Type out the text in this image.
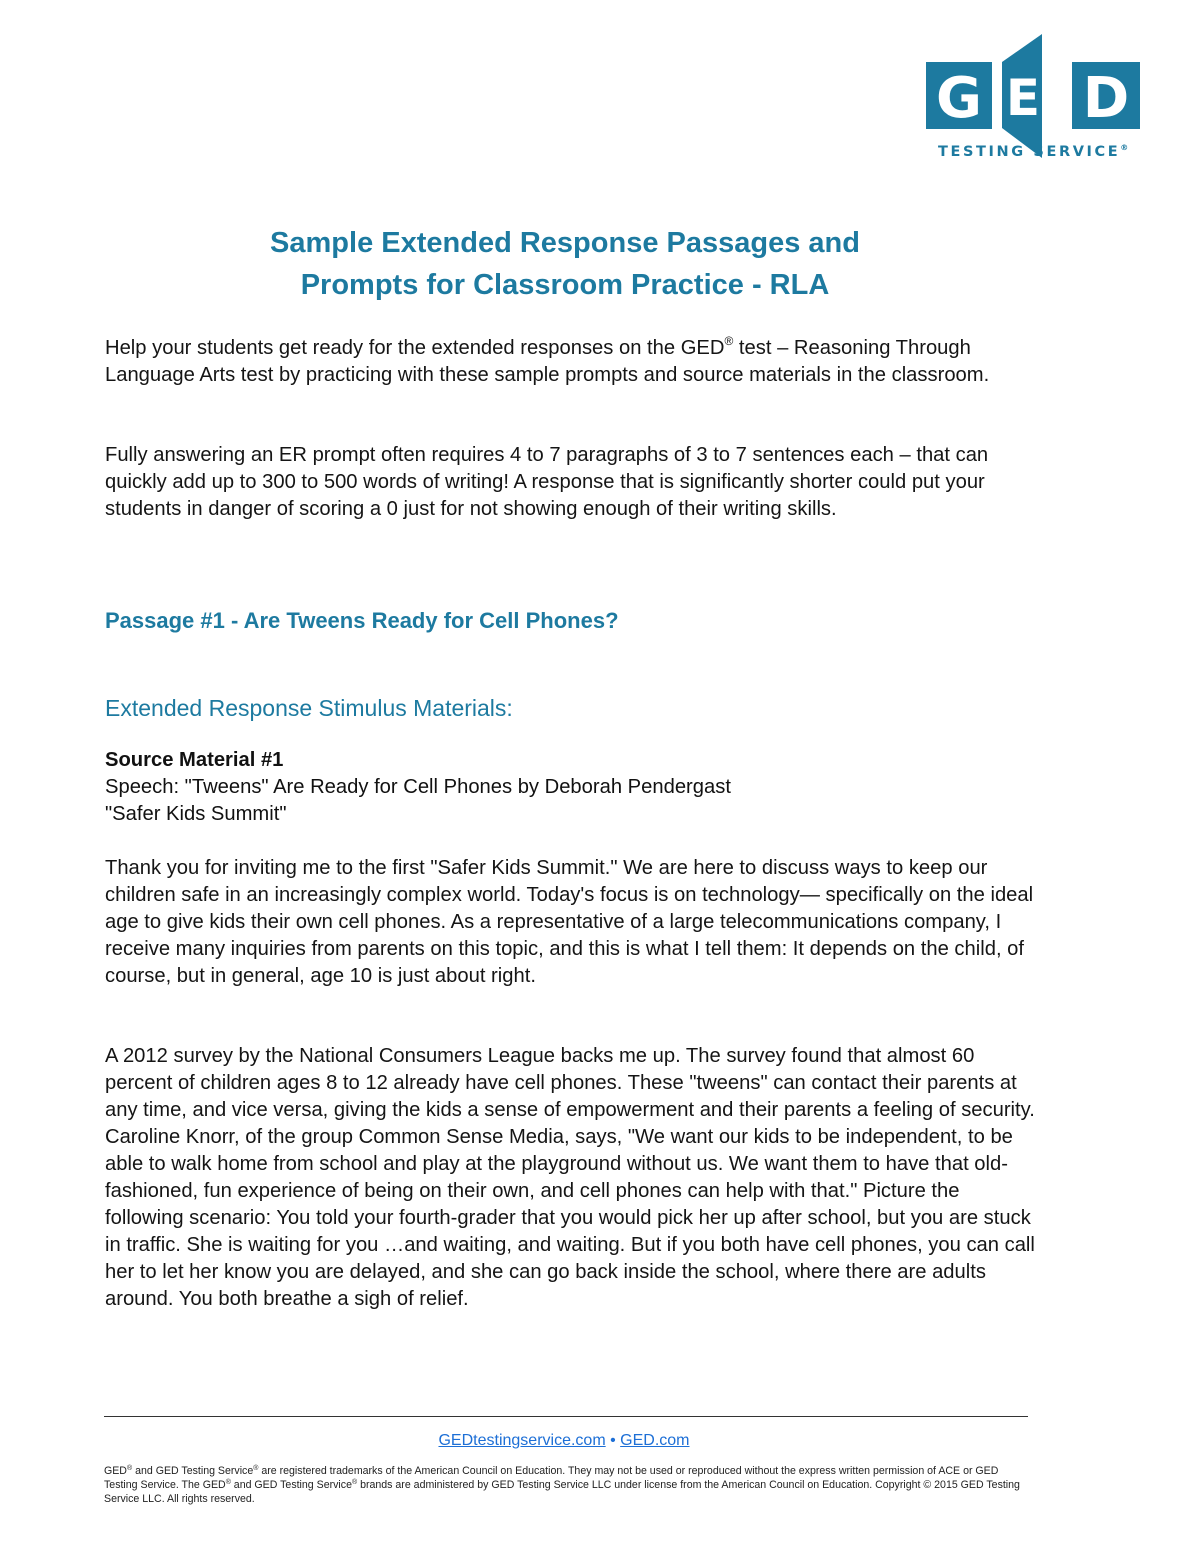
G E D
TESTING SERVICE®
Sample Extended Response Passages and
Prompts for Classroom Practice - RLA

Help your students get ready for the extended responses on the GED® test – Reasoning Through Language Arts test by practicing with these sample prompts and source materials in the classroom.

Fully answering an ER prompt often requires 4 to 7 paragraphs of 3 to 7 sentences each – that can quickly add up to 300 to 500 words of writing! A response that is significantly shorter could put your students in danger of scoring a 0 just for not showing enough of their writing skills.

Passage #1 - Are Tweens Ready for Cell Phones?
Extended Response Stimulus Materials:
Source Material #1
Speech: "Tweens" Are Ready for Cell Phones by Deborah Pendergast
"Safer Kids Summit"

Thank you for inviting me to the first "Safer Kids Summit." We are here to discuss ways to keep our children safe in an increasingly complex world. Today's focus is on technology— specifically on the ideal age to give kids their own cell phones. As a representative of a large telecommunications company, I receive many inquiries from parents on this topic, and this is what I tell them: It depends on the child, of course, but in general, age 10 is just about right.

A 2012 survey by the National Consumers League backs me up. The survey found that almost 60 percent of children ages 8 to 12 already have cell phones. These "tweens" can contact their parents at any time, and vice versa, giving the kids a sense of empowerment and their parents a feeling of security. Caroline Knorr, of the group Common Sense Media, says, "We want our kids to be independent, to be able to walk home from school and play at the playground without us. We want them to have that old-fashioned, fun experience of being on their own, and cell phones can help with that." Picture the following scenario: You told your fourth-grader that you would pick her up after school, but you are stuck in traffic. She is waiting for you …and waiting, and waiting. But if you both have cell phones, you can call her to let her know you are delayed, and she can go back inside the school, where there are adults around. You both breathe a sigh of relief.

GEDtestingservice.com • GED.com

GED® and GED Testing Service® are registered trademarks of the American Council on Education. They may not be used or reproduced without the express written permission of ACE or GED Testing Service. The GED® and GED Testing Service® brands are administered by GED Testing Service LLC under license from the American Council on Education. Copyright © 2015 GED Testing Service LLC. All rights reserved.
